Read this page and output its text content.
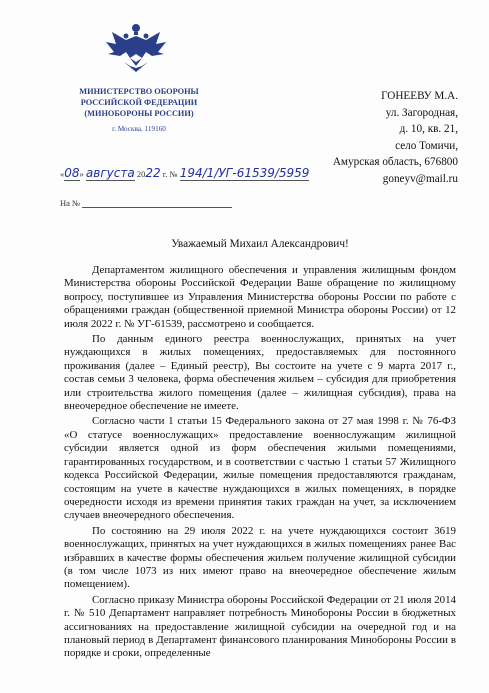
МИНИСТЕРСТВО ОБОРОНЫ
РОССИЙСКОЙ ФЕДЕРАЦИИ
(МИНОБОРОНЫ РОССИИ)
г. Москва, 119160
ГОНЕЕВУ М.А.
ул. Загородная,
д. 10, кв. 21,
село Томичи,
Амурская область, 676800
goneyv@mail.ru
«08» августа 2022 г. № 194/1/УГ-61539/5959
На №
Уважаемый Михаил Александрович!

Департаментом жилищного обеспечения и управления жилищным фондом Министерства обороны Российской Федерации Ваше обращение по жилищному вопросу, поступившее из Управления Министерства обороны России по работе с обращениями граждан (общественной приемной Министра обороны России) от 12 июля 2022 г. № УГ-61539, рассмотрено и сообщается.

По данным единого реестра военнослужащих, принятых на учет нуждающихся в жилых помещениях, предоставляемых для постоянного проживания (далее – Единый реестр), Вы состоите на учете с 9 марта 2017 г., состав семьи 3 человека, форма обеспечения жильем – субсидия для приобретения или строительства жилого помещения (далее – жилищная субсидия), права на внеочередное обеспечение не имеете.

Согласно части 1 статьи 15 Федерального закона от 27 мая 1998 г. № 76-ФЗ «О статусе военнослужащих» предоставление военнослужащим жилищной субсидии является одной из форм обеспечения жилыми помещениями, гарантированных государством, и в соответствии с частью 1 статьи 57 Жилищного кодекса Российской Федерации, жилые помещения предоставляются гражданам, состоящим на учете в качестве нуждающихся в жилых помещениях, в порядке очередности исходя из времени принятия таких граждан на учет, за исключением случаев внеочередного обеспечения.

По состоянию на 29 июля 2022 г. на учете нуждающихся состоит 3619 военнослужащих, принятых на учет нуждающихся в жилых помещениях ранее Вас избравших в качестве формы обеспечения жильем получение жилищной субсидии (в том числе 1073 из них имеют право на внеочередное обеспечение жилым помещением).

Согласно приказу Министра обороны Российской Федерации от 21 июля 2014 г. № 510 Департамент направляет потребность Минобороны России в бюджетных ассигнованиях на предоставление жилищной субсидии на очередной год и на плановый период в Департамент финансового планирования Минобороны России в порядке и сроки, определенные
